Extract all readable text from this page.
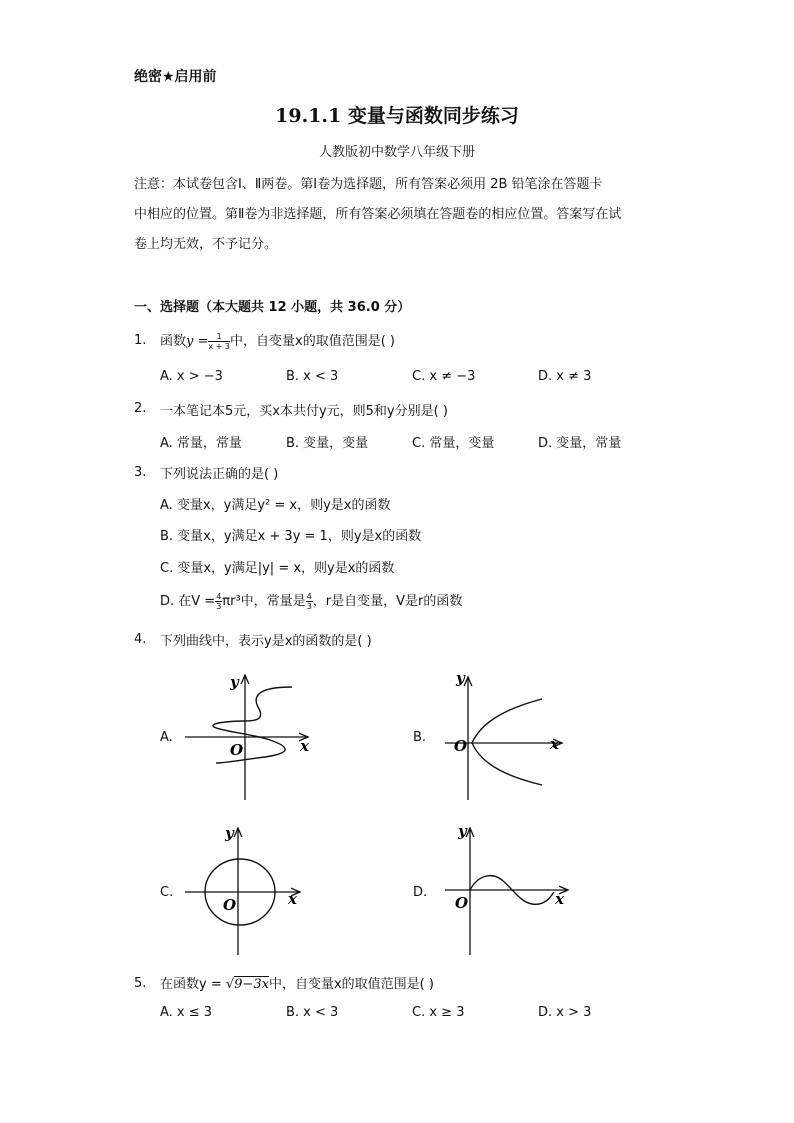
绝密★启用前
19.1.1 变量与函数同步练习
人教版初中数学八年级下册
注意：本试卷包含Ⅰ、Ⅱ两卷。第Ⅰ卷为选择题，所有答案必须用 2B 铅笔涂在答题卡
中相应的位置。第Ⅱ卷为非选择题，所有答案必须填在答题卷的相应位置。答案写在试
卷上均无效，不予记分。
一、选择题（本大题共 12 小题，共 36.0 分）
1. 函数$y = \frac{1}{x + 3}$ 中，自变量x的取值范围是( )
A. x > −3	B. x < 3	C. x ≠ −3	D. x ≠ 3
2. 一本笔记本5元，买x本共付y元，则5和y分别是( )
A. 常量，常量	B. 变量，变量	C. 常量，变量	D. 变量，常量
3. 下列说法正确的是( )
A. 变量x，y满足y² = x，则y是x的函数
B. 变量x，y满足x + 3y = 1，则y是x的函数
C. 变量x，y满足|y| = x，则y是x的函数
D. 在$V = \frac{4}{3} \pi r^3$中，常量是 $\frac{4}{3}$ ，r是自变量，V是r的函数
4. 下列曲线中，表示y是x的函数的是( )
A.
y
x
O
B.
y
x
O
C.
y
x
O
D.
y
x
O
5. 在函数y = √9−3x中，自变量x的取值范围是( )
A. x ≤ 3	B. x < 3	C. x ≥ 3	D. x > 3
